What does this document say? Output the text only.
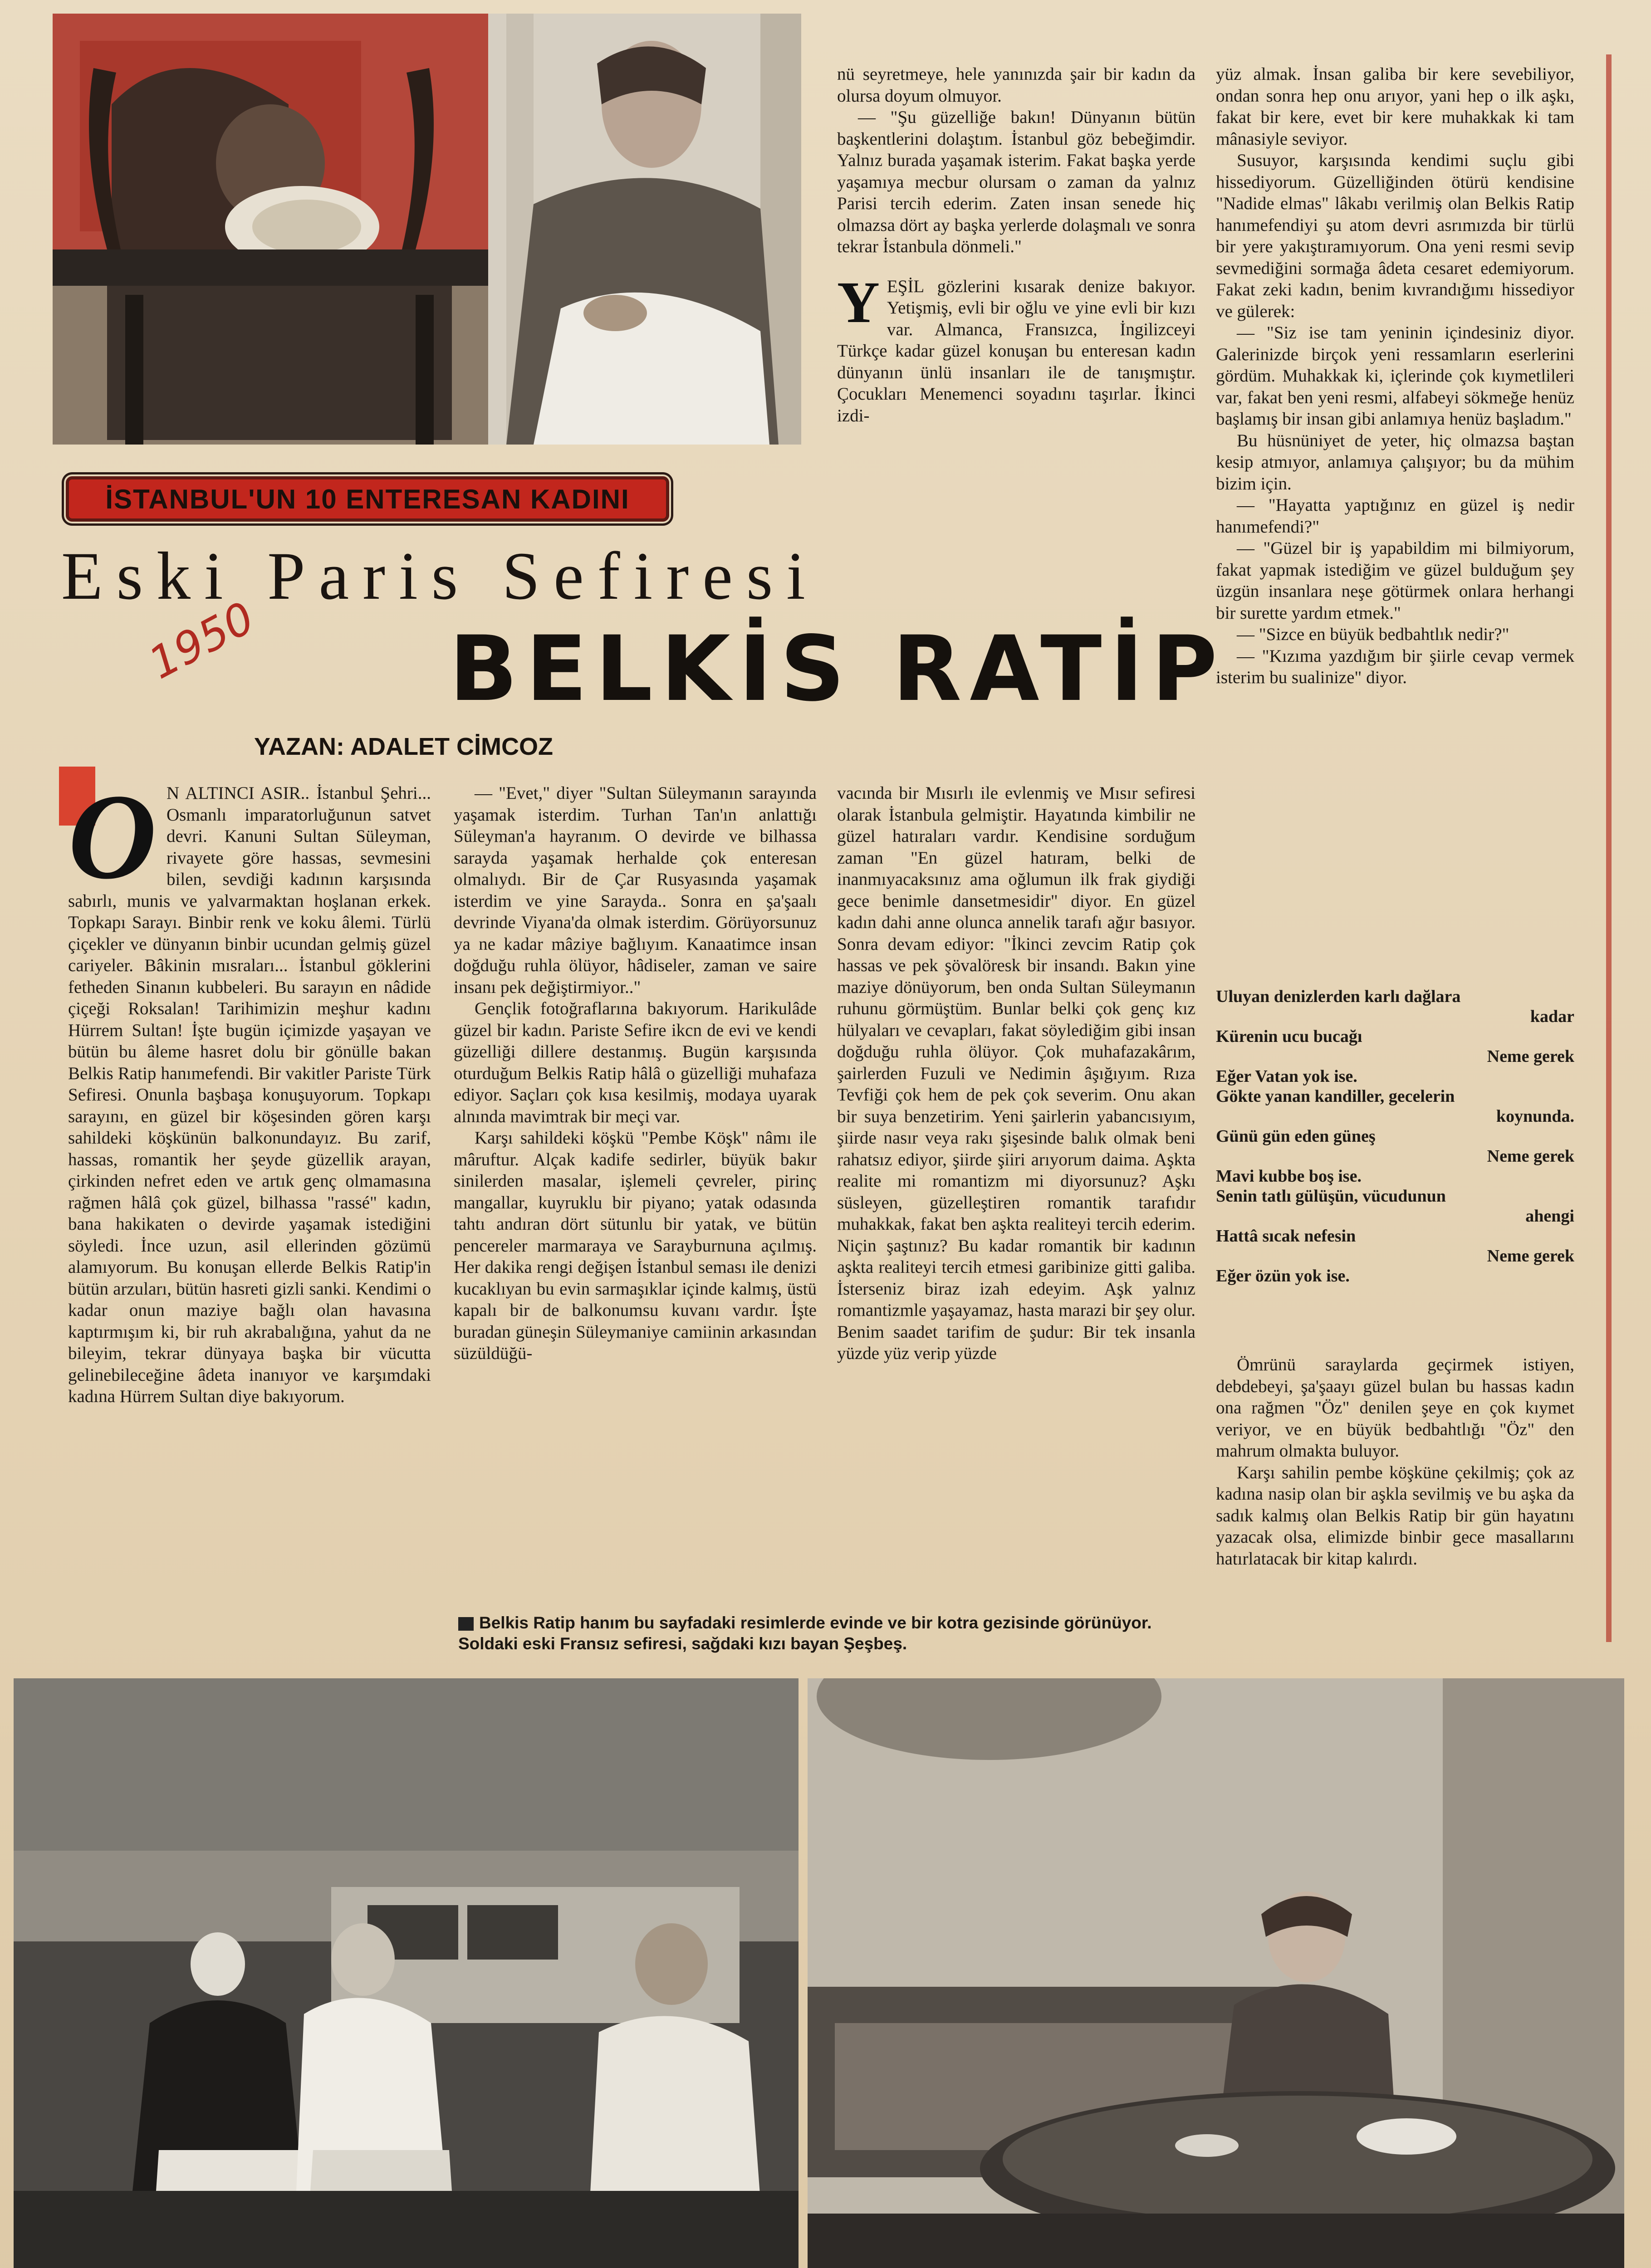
İSTANBUL'UN 10 ENTERESAN KADINI
Eski Paris Sefiresi
1950 BELKİS RATİP
YAZAN: ADALET CİMCOZ

nü seyretmeye, hele yanınızda şair bir kadın da olursa doyum olmuyor.

— "Şu güzelliğe bakın! Dünyanın bütün başkentlerini dolaştım. İstanbul göz bebeğimdir. Yalnız burada yaşamak isterim. Fakat başka yerde yaşamıya mecbur olursam o zaman da yalnız Parisi tercih ederim. Zaten insan senede hiç olmazsa dört ay başka yerlerde dolaşmalı ve sonra tekrar İstanbula dönmeli."

YEŞİL gözlerini kısarak denize bakıyor. Yetişmiş, evli bir oğlu ve yine evli bir kızı var. Almanca, Fransızca, İngilizceyi Türkçe kadar güzel konuşan bu enteresan kadın dünyanın ünlü insanları ile de tanışmıştır. Çocukları Menemenci soyadını taşırlar. İkinci izdi-

yüz almak. İnsan galiba bir kere sevebiliyor, ondan sonra hep onu arıyor, yani hep o ilk aşkı, fakat bir kere, evet bir kere muhakkak ki tam mânasiyle seviyor.

Susuyor, karşısında kendimi suçlu gibi hissediyorum. Güzelliğinden ötürü kendisine "Nadide elmas" lâkabı verilmiş olan Belkis Ratip hanımefendiyi şu atom devri asrımızda bir türlü bir yere yakıştıramıyorum. Ona yeni resmi sevip sevmediğini sormağa âdeta cesaret edemiyorum. Fakat zeki kadın, benim kıvrandığımı hissediyor ve gülerek:

— "Siz ise tam yeninin içindesiniz diyor. Galerinizde birçok yeni ressamların eserlerini gördüm. Muhakkak ki, içlerinde çok kıymetlileri var, fakat ben yeni resmi, alfabeyi sökmeğe henüz başlamış bir insan gibi anlamıya henüz başladım."

Bu hüsnüniyet de yeter, hiç olmazsa baştan kesip atmıyor, anlamıya çalışıyor; bu da mühim bizim için.

— "Hayatta yaptığınız en güzel iş nedir hanımefendi?"

— "Güzel bir iş yapabildim mi bilmiyorum, fakat yapmak istediğim ve güzel bulduğum şey üzgün insanlara neşe götürmek onlara herhangi bir surette yardım etmek."

— "Sizce en büyük bedbahtlık nedir?"

— "Kızıma yazdığım bir şiirle cevap vermek isterim bu sualinize" diyor.

Uluyan denizlerden karlı dağlara
kadar
Kürenin ucu bucağı
Neme gerek
Eğer Vatan yok ise.
Gökte yanan kandiller, gecelerin
koynunda.
Günü gün eden güneş
Neme gerek
Mavi kubbe boş ise.
Senin tatlı gülüşün, vücudunun
ahengi
Hattâ sıcak nefesin
Neme gerek
Eğer özün yok ise.

Ömrünü saraylarda geçirmek istiyen, debdebeyi, şa'şaayı güzel bulan bu hassas kadın ona rağmen "Öz" denilen şeye en çok kıymet veriyor, ve en büyük bedbahtlığı "Öz" den mahrum olmakta buluyor.

Karşı sahilin pembe köşküne çekilmiş; çok az kadına nasip olan bir aşkla sevilmiş ve bu aşka da sadık kalmış olan Belkis Ratip bir gün hayatını yazacak olsa, elimizde binbir gece masallarını hatırlatacak bir kitap kalırdı.

O N ALTINCI ASIR.. İstanbul Şehri... Osmanlı imparatorluğunun satvet devri. Kanuni Sultan Süleyman, rivayete göre hassas, sevmesini bilen, sevdiği kadının karşısında sabırlı, munis ve yalvarmaktan hoşlanan erkek. Topkapı Sarayı. Binbir renk ve koku âlemi. Türlü çiçekler ve dünyanın binbir ucundan gelmiş güzel cariyeler. Bâkinin mısraları... İstanbul göklerini fetheden Sinanın kubbeleri. Bu sarayın en nâdide çiçeği Roksalan! Tarihimizin meşhur kadını Hürrem Sultan! İşte bugün içimizde yaşayan ve bütün bu âleme hasret dolu bir gönülle bakan Belkis Ratip hanımefendi. Bir vakitler Pariste Türk Sefiresi. Onunla başbaşa konuşuyorum. Topkapı sarayını, en güzel bir köşesinden gören karşı sahildeki köşkünün balkonundayız. Bu zarif, hassas, romantik her şeyde güzellik arayan, çirkinden nefret eden ve artık genç olmamasına rağmen hâlâ çok güzel, bilhassa "rassé" kadın, bana hakikaten o devirde yaşamak istediğini söyledi. İnce uzun, asil ellerinden gözümü alamıyorum. Bu konuşan ellerde Belkis Ratip'in bütün arzuları, bütün hasreti gizli sanki. Kendimi o kadar onun maziye bağlı olan havasına kaptırmışım ki, bir ruh akrabalığına, yahut da ne bileyim, tekrar dünyaya başka bir vücutta gelinebileceğine âdeta inanıyor ve karşımdaki kadına Hürrem Sultan diye bakıyorum.

— "Evet," diyer "Sultan Süleymanın sarayında yaşamak isterdim. Turhan Tan'ın anlattığı Süleyman'a hayranım. O devirde ve bilhassa sarayda yaşamak herhalde çok enteresan olmalıydı. Bir de Çar Rusyasında yaşamak isterdim ve yine Sarayda.. Sonra en şa'şaalı devrinde Viyana'da olmak isterdim. Görüyorsunuz ya ne kadar mâziye bağlıyım. Kanaatimce insan doğduğu ruhla ölüyor, hâdiseler, zaman ve saire insanı pek değiştirmiyor.."

Gençlik fotoğraflarına bakıyorum. Harikulâde güzel bir kadın. Pariste Sefire ikcn de evi ve kendi güzelliği dillere destanmış. Bugün karşısında oturduğum Belkis Ratip hâlâ o güzelliği muhafaza ediyor. Saçları çok kısa kesilmiş, modaya uyarak alnında mavimtrak bir meçi var.

Karşı sahildeki köşkü "Pembe Köşk" nâmı ile mâruftur. Alçak kadife sedirler, büyük bakır sinilerden masalar, işlemeli çevreler, pirinç mangallar, kuyruklu bir piyano; yatak odasında tahtı andıran dört sütunlu bir yatak, ve bütün pencereler marmaraya ve Sarayburnuna açılmış. Her dakika rengi değişen İstanbul seması ile denizi kucaklıyan bu evin sarmaşıklar içinde kalmış, üstü kapalı bir de balkonumsu kuvanı vardır. İşte buradan güneşin Süleymaniye camiinin arkasından süzüldüğü-

vacında bir Mısırlı ile evlenmiş ve Mısır sefiresi olarak İstanbula gelmiştir. Hayatında kimbilir ne güzel hatıraları vardır. Kendisine sorduğum zaman "En güzel hatıram, belki de inanmıyacaksınız ama oğlumun ilk frak giydiği gece benimle dansetmesidir" diyor. En güzel kadın dahi anne olunca annelik tarafı ağır basıyor. Sonra devam ediyor: "İkinci zevcim Ratip çok hassas ve pek şövalöresk bir insandı. Bakın yine maziye dönüyorum, ben onda Sultan Süleymanın ruhunu görmüştüm. Bunlar belki çok genç kız hülyaları ve cevapları, fakat söylediğim gibi insan doğduğu ruhla ölüyor. Çok muhafazakârım, şairlerden Fuzuli ve Nedimin âşığıyım. Rıza Tevfiği çok hem de pek çok severim. Onu akan bir suya benzetirim. Yeni şairlerin yabancısıyım, şiirde nasır veya rakı şişesinde balık olmak beni rahatsız ediyor, şiirde şiiri arıyorum daima. Aşkta realite mi romantizm mi diyorsunuz? Aşkı süsleyen, güzelleştiren romantik tarafıdır muhakkak, fakat ben aşkta realiteyi tercih ederim. Niçin şaştınız? Bu kadar romantik bir kadının aşkta realiteyi tercih etmesi garibinize gitti galiba. İsterseniz biraz izah edeyim. Aşk yalnız romantizmle yaşayamaz, hasta marazi bir şey olur. Benim saadet tarifim de şudur: Bir tek insanla yüzde yüz verip yüzde

Belkis Ratip hanım bu sayfadaki resimlerde evinde ve bir kotra gezisinde görünüyor. Soldaki eski Fransız sefiresi, sağdaki kızı bayan Şeşbeş.
